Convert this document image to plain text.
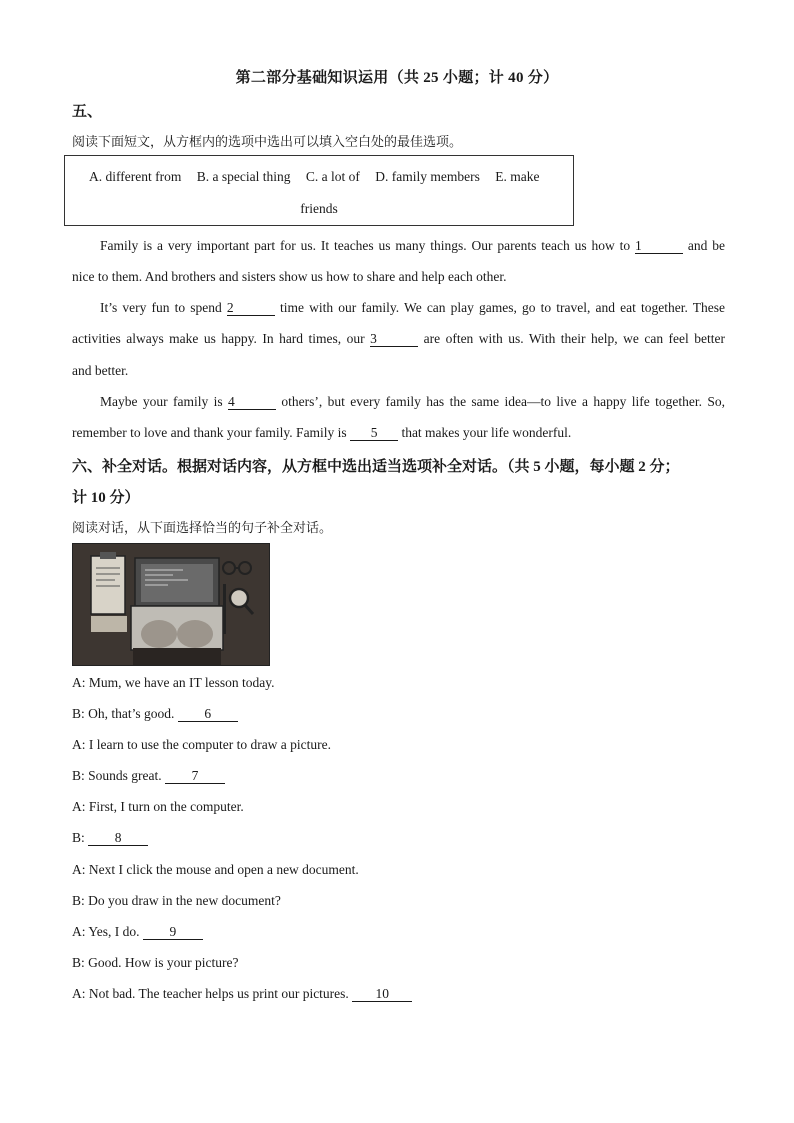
第二部分基础知识运用（共 25 小题；计 40 分）
五、
阅读下面短文，从方框内的选项中选出可以填入空白处的最佳选项。
A. different from B. a special thing C. a lot of D. family members E. make
friends
Family is a very important part for us. It teaches us many things. Our parents teach us how to 1	and be
nice to them. And brothers and sisters show us how to share and help each other.
It’s very fun to spend 2	time with our family. We can play games, go to travel, and eat together. These
activities always make us happy. In hard times, our 3	are often with us. With their help, we can feel better
and better.
Maybe your family is 4	others’, but every family has the same idea—to live a happy life together. So,
remember to love and thank your family. Family is 5 that makes your life wonderful.
六、补全对话。根据对话内容，从方框中选出适当选项补全对话。（共 5 小题，每小题 2 分；
计 10 分）
阅读对话，从下面选择恰当的句子补全对话。
A: Mum, we have an IT lesson today.
B: Oh, that’s good. 6
A: I learn to use the computer to draw a picture.
B: Sounds great. 7
A: First, I turn on the computer.
B: 8
A: Next I click the mouse and open a new document.
B: Do you draw in the new document?
A: Yes, I do. 9
B: Good. How is your picture?
A: Not bad. The teacher helps us print our pictures. 10
